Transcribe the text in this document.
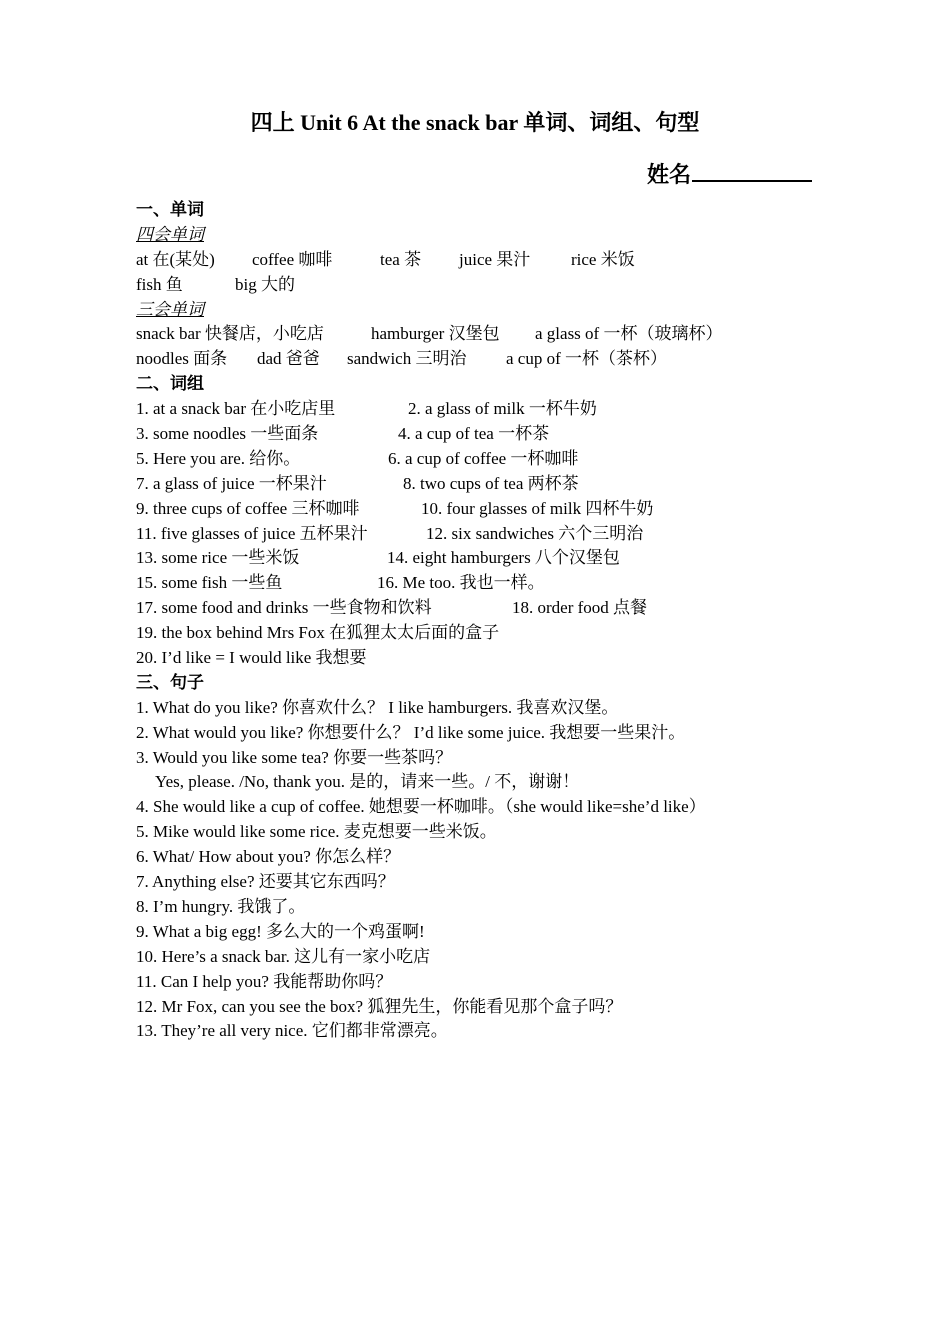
四上 Unit 6 At the snack bar 单词、词组、句型
姓名
一、单词
四会单词
at 在(某处) coffee 咖啡	tea 茶 juice 果汁 rice 米饭
fish 鱼	big 大的
三会单词
snack bar 快餐店，小吃店	hamburger 汉堡包 a glass of 一杯（玻璃杯）
noodles 面条 dad 爸爸 sandwich 三明治 a cup of 一杯（茶杯）
二、词组
1. at a snack bar 在小吃店里	2. a glass of milk 一杯牛奶
3. some noodles 一些面条	4. a cup of tea 一杯茶
5. Here you are. 给你。	6. a cup of coffee 一杯咖啡
7. a glass of juice 一杯果汁	8. two cups of tea 两杯茶
9. three cups of coffee 三杯咖啡	10. four glasses of milk 四杯牛奶
11. five glasses of juice 五杯果汁	12. six sandwiches 六个三明治
13. some rice 一些米饭	14. eight hamburgers 八个汉堡包
15. some fish 一些鱼	16. Me too. 我也一样。
17. some food and drinks 一些食物和饮料	18. order food 点餐
19. the box behind Mrs Fox 在狐狸太太后面的盒子
20. I’d like = I would like 我想要
三、句子
1. What do you like? 你喜欢什么？ I like hamburgers. 我喜欢汉堡。
2. What would you like? 你想要什么？ I’d like some juice. 我想要一些果汁。
3. Would you like some tea? 你要一些茶吗？
Yes, please. /No, thank you. 是的，请来一些。/ 不，谢谢！
4. She would like a cup of coffee. 她想要一杯咖啡。（she would like=she’d like）
5. Mike would like some rice. 麦克想要一些米饭。
6. What/ How about you? 你怎么样？
7. Anything else? 还要其它东西吗？
8. I’m hungry. 我饿了。
9. What a big egg! 多么大的一个鸡蛋啊!
10. Here’s a snack bar. 这儿有一家小吃店
11. Can I help you? 我能帮助你吗？
12. Mr Fox, can you see the box? 狐狸先生，你能看见那个盒子吗？
13. They’re all very nice. 它们都非常漂亮。
